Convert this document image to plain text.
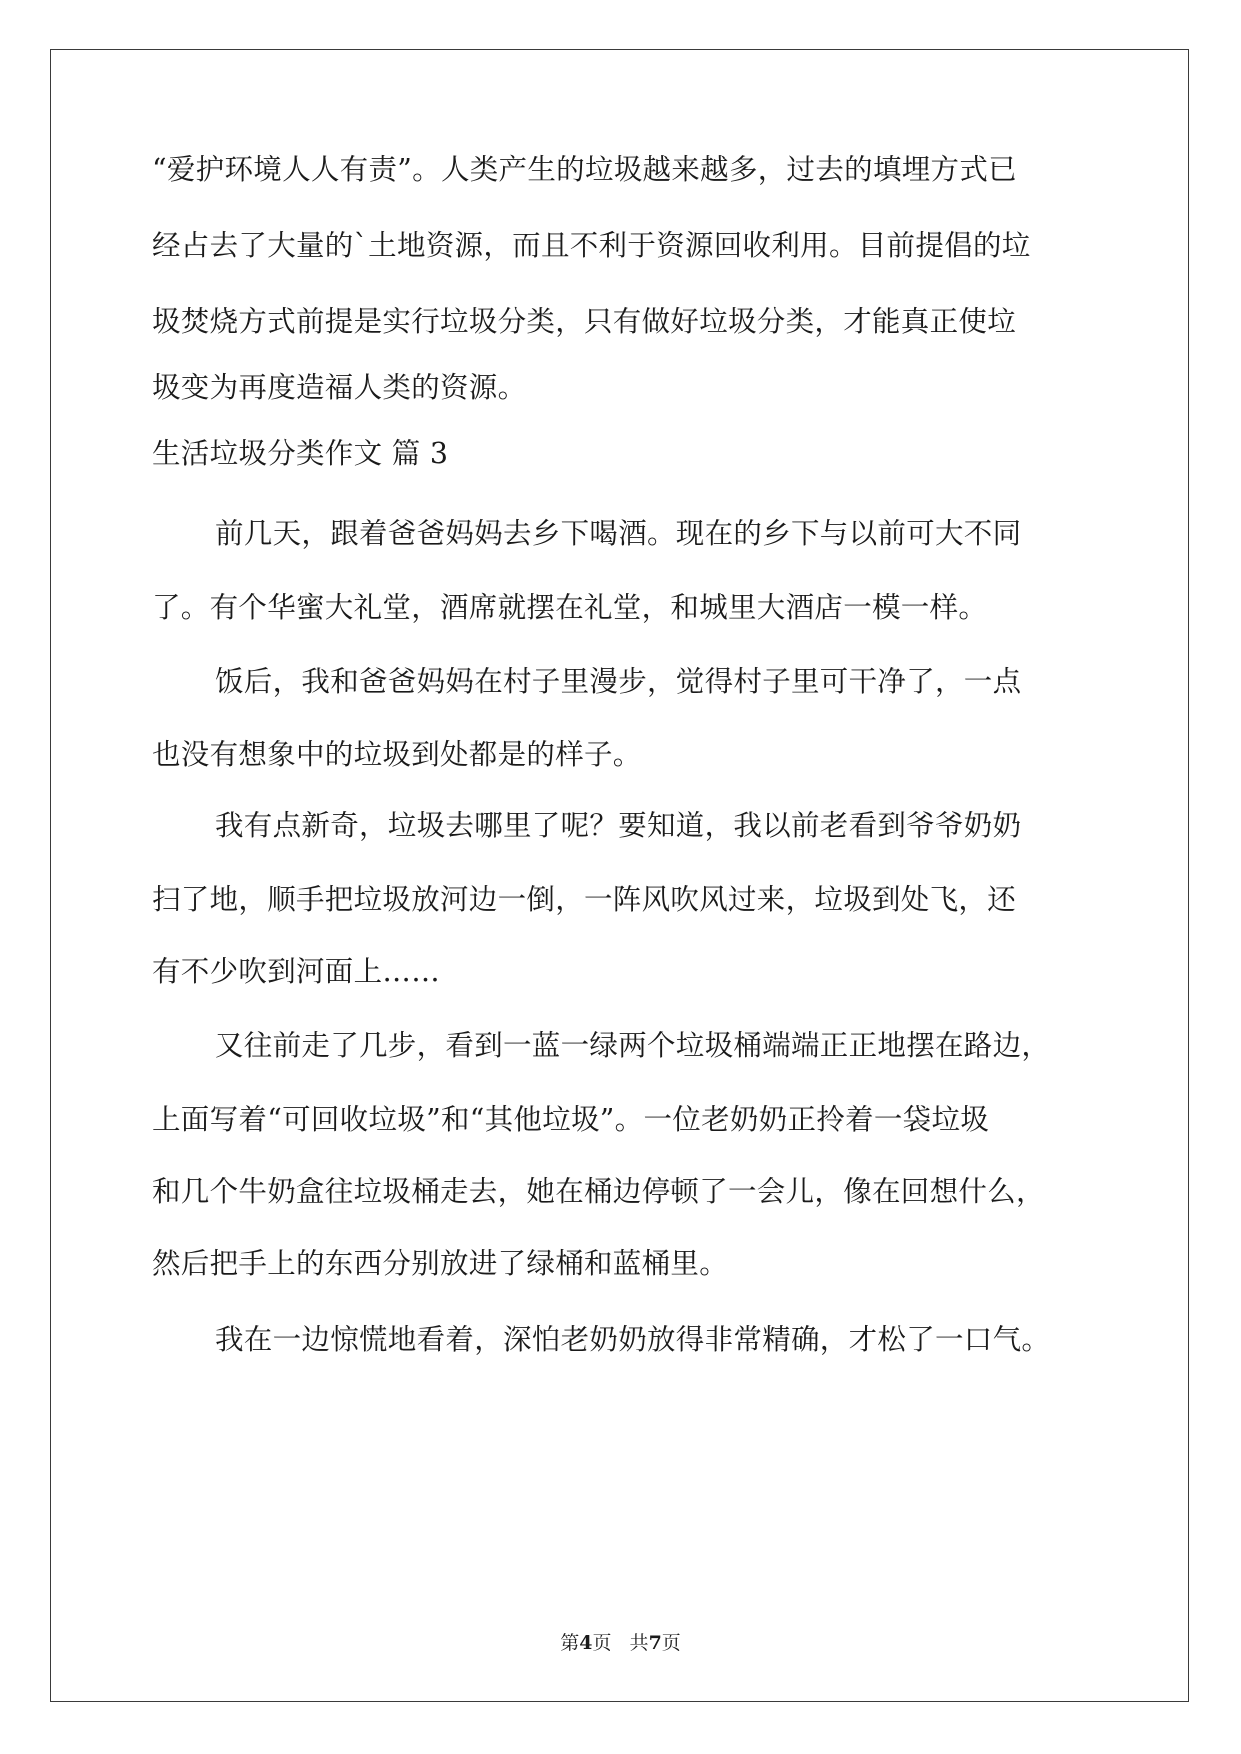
“爱护环境人人有责”。人类产生的垃圾越来越多，过去的填埋方式已
经占去了大量的`土地资源，而且不利于资源回收利用。目前提倡的垃
圾焚烧方式前提是实行垃圾分类，只有做好垃圾分类，才能真正使垃
圾变为再度造福人类的资源。
生活垃圾分类作文 篇 3
前几天，跟着爸爸妈妈去乡下喝酒。现在的乡下与以前可大不同
了。有个华蜜大礼堂，酒席就摆在礼堂，和城里大酒店一模一样。
饭后，我和爸爸妈妈在村子里漫步，觉得村子里可干净了，一点
也没有想象中的垃圾到处都是的样子。
我有点新奇，垃圾去哪里了呢？要知道，我以前老看到爷爷奶奶
扫了地，顺手把垃圾放河边一倒，一阵风吹风过来，垃圾到处飞，还
有不少吹到河面上……
又往前走了几步，看到一蓝一绿两个垃圾桶端端正正地摆在路边，
上面写着“可回收垃圾”和“其他垃圾”。一位老奶奶正拎着一袋垃圾
和几个牛奶盒往垃圾桶走去，她在桶边停顿了一会儿，像在回想什么，
然后把手上的东西分别放进了绿桶和蓝桶里。
我在一边惊慌地看着，深怕老奶奶放得非常精确，才松了一口气。
第4页   共7页
